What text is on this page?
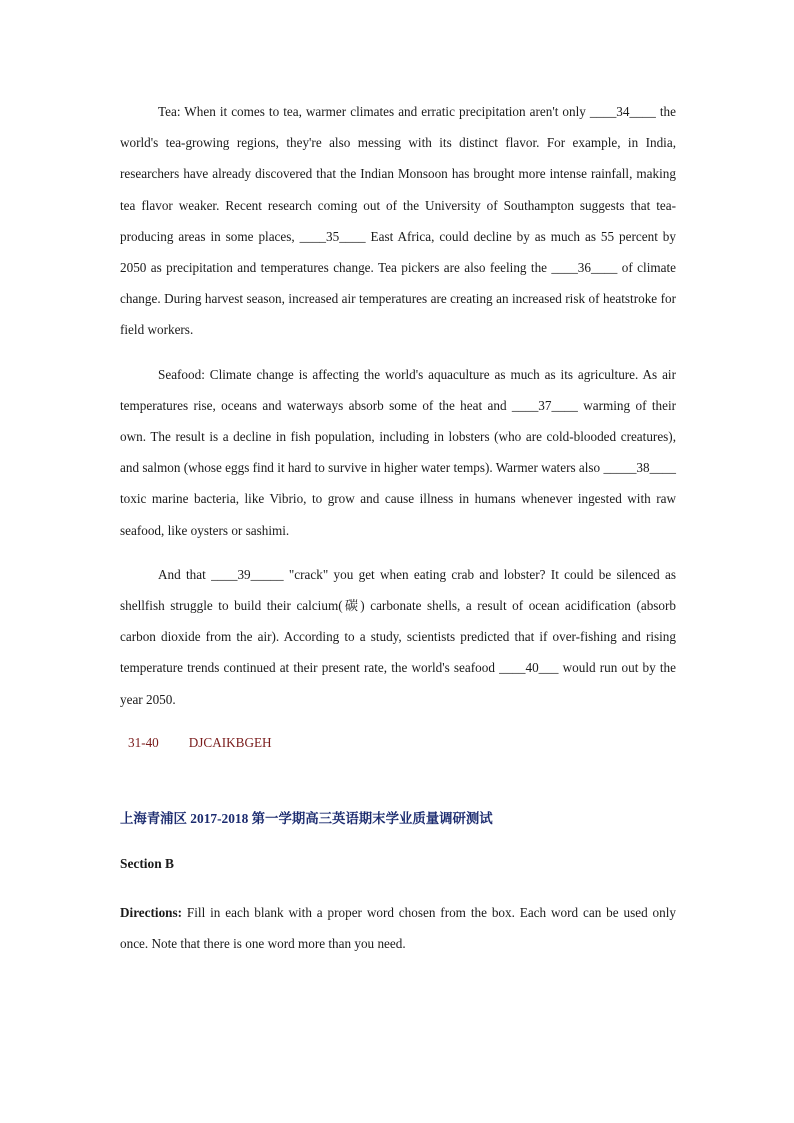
Tea: When it comes to tea, warmer climates and erratic precipitation aren't only ____34____ the world's tea-growing regions, they're also messing with its distinct flavor. For example, in India, researchers have already discovered that the Indian Monsoon has brought more intense rainfall, making tea flavor weaker. Recent research coming out of the University of Southampton suggests that tea-producing areas in some places, ____35____ East Africa, could decline by as much as 55 percent by 2050 as precipitation and temperatures change. Tea pickers are also feeling the ____36____ of climate change. During harvest season, increased air temperatures are creating an increased risk of heatstroke for field workers.

Seafood: Climate change is affecting the world's aquaculture as much as its agriculture. As air temperatures rise, oceans and waterways absorb some of the heat and ____37____ warming of their own. The result is a decline in fish population, including in lobsters (who are cold-blooded creatures), and salmon (whose eggs find it hard to survive in higher water temps). Warmer waters also _____38____ toxic marine bacteria, like Vibrio, to grow and cause illness in humans whenever ingested with raw seafood, like oysters or sashimi.

And that ____39_____ "crack" you get when eating crab and lobster? It could be silenced as shellfish struggle to build their calcium(碳) carbonate shells, a result of ocean acidification (absorb carbon dioxide from the air). According to a study, scientists predicted that if over-fishing and rising temperature trends continued at their present rate, the world's seafood ____40___ would run out by the year 2050.

31-40 DJCAIKBGEH

上海青浦区 2017-2018 第一学期高三英语期末学业质量调研测试

Section B

Directions: Fill in each blank with a proper word chosen from the box. Each word can be used only once. Note that there is one word more than you need.
